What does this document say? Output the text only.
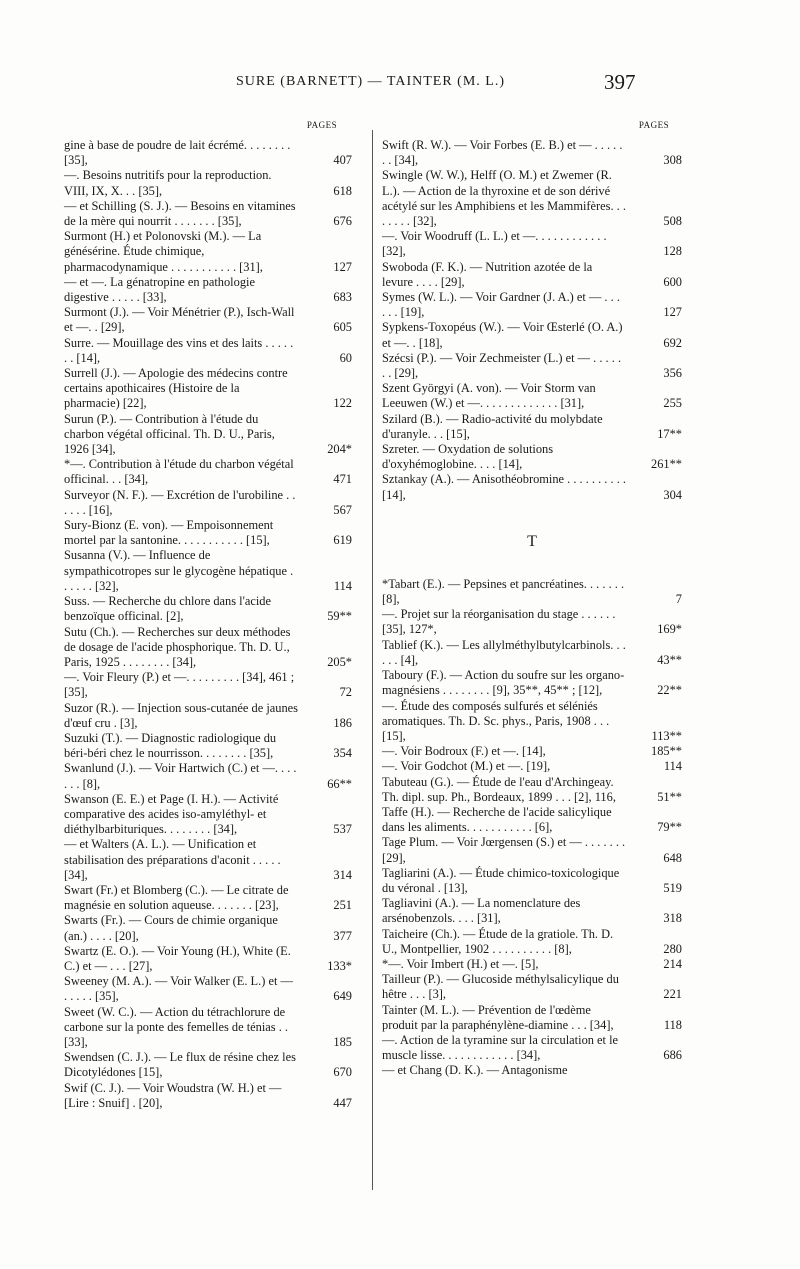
SURE (BARNETT) — TAINTER (M. L.)	397
PAGES
gine à base de poudre de lait écrémé. . . . . . . . [35],	407
—. Besoins nutritifs pour la reproduction. VIII, IX, X. . . [35],	618
— et Schilling (S. J.). — Besoins en vitamines de la mère qui nourrit . . . . . . . [35],	676
Surmont (H.) et Polonovski (M.). — La génésérine. Étude chimique, pharmacodynamique . . . . . . . . . . . [31],	127
— et —. La génatropine en pathologie digestive . . . . . [33],	683
Surmont (J.). — Voir Ménétrier (P.), Isch-Wall et —. . [29],	605
Surre. — Mouillage des vins et des laits . . . . . . . [14],	60
Surrell (J.). — Apologie des médecins contre certains apothicaires (Histoire de la pharmacie) [22],	122
Surun (P.). — Contribution à l'étude du charbon végétal officinal. Th. D. U., Paris, 1926 [34],	204*
*—. Contribution à l'étude du charbon végétal officinal. . . [34],	471
Surveyor (N. F.). — Excrétion de l'urobiline . . . . . . [16],	567
Sury-Bionz (E. von). — Empoisonnement mortel par la santonine. . . . . . . . . . . [15],	619
Susanna (V.). — Influence de sympathicotropes sur le glycogène hépatique . . . . . . [32],	114
Suss. — Recherche du chlore dans l'acide benzoïque officinal. [2],	59**
Sutu (Ch.). — Recherches sur deux méthodes de dosage de l'acide phosphorique. Th. D. U., Paris, 1925 . . . . . . . . [34],	205*
—. Voir Fleury (P.) et —. . . . . . . . . [34], 461 ; [35],	72
Suzor (R.). — Injection sous-cutanée de jaunes d'œuf cru . [3],	186
Suzuki (T.). — Diagnostic radiologique du béri-béri chez le nourrisson. . . . . . . . [35],	354
Swanlund (J.). — Voir Hartwich (C.) et —. . . . . . . [8],	66**
Swanson (E. E.) et Page (I. H.). — Activité comparative des acides iso-amyléthyl- et diéthylbarbituriques. . . . . . . . [34],	537
— et Walters (A. L.). — Unification et stabilisation des préparations d'aconit . . . . . [34],	314
Swart (Fr.) et Blomberg (C.). — Le citrate de magnésie en solution aqueuse. . . . . . . [23],	251
Swarts (Fr.). — Cours de chimie organique (an.) . . . . [20],	377
Swartz (E. O.). — Voir Young (H.), White (E. C.) et — . . . [27],	133*
Sweeney (M. A.). — Voir Walker (E. L.) et — . . . . . [35],	649
Sweet (W. C.). — Action du tétrachlorure de carbone sur la ponte des femelles de ténias . . [33],	185
Swendsen (C. J.). — Le flux de résine chez les Dicotylédones [15],	670
Swif (C. J.). — Voir Woudstra (W. H.) et — [Lire : Snuif] . [20],	447
PAGES
Swift (R. W.). — Voir Forbes (E. B.) et — . . . . . . . [34],	308
Swingle (W. W.), Helff (O. M.) et Zwemer (R. L.). — Action de la thyroxine et de son dérivé acétylé sur les Amphibiens et les Mammifères. . . . . . . . [32],	508
—. Voir Woodruff (L. L.) et —. . . . . . . . . . . . [32],	128
Swoboda (F. K.). — Nutrition azotée de la levure . . . . [29],	600
Symes (W. L.). — Voir Gardner (J. A.) et — . . . . . . [19],	127
Sypkens-Toxopéus (W.). — Voir Œsterlé (O. A.) et —. . [18],	692
Szécsi (P.). — Voir Zechmeister (L.) et — . . . . . . . [29],	356
Szent Györgyi (A. von). — Voir Storm van Leeuwen (W.) et —. . . . . . . . . . . . . [31],	255
Szilard (B.). — Radio-activité du molybdate d'uranyle. . . [15],	17**
Szreter. — Oxydation de solutions d'oxyhémoglobine. . . . [14],	261**
Sztankay (A.). — Anisothéobromine . . . . . . . . . . [14],	304
T
*Tabart (E.). — Pepsines et pancréatines. . . . . . . [8],	7
—. Projet sur la réorganisation du stage . . . . . . [35], 127*,	169*
Tablief (K.). — Les allylméthylbutylcarbinols. . . . . . [4],	43**
Taboury (F.). — Action du soufre sur les organo-magnésiens . . . . . . . . [9], 35**, 45** ; [12],	22**
—. Étude des composés sulfurés et séléniés aromatiques. Th. D. Sc. phys., Paris, 1908 . . . [15],	113**
—. Voir Bodroux (F.) et —. [14],	185**
—. Voir Godchot (M.) et —. [19],	114
Tabuteau (G.). — Étude de l'eau d'Archingeay. Th. dipl. sup. Ph., Bordeaux, 1899 . . . [2], 116,	51**
Taffe (H.). — Recherche de l'acide salicylique dans les aliments. . . . . . . . . . . [6],	79**
Tage Plum. — Voir Jœrgensen (S.) et — . . . . . . . [29],	648
Tagliarini (A.). — Étude chimico-toxicologique du véronal . [13],	519
Tagliavini (A.). — La nomenclature des arsénobenzols. . . . [31],	318
Taicheire (Ch.). — Étude de la gratiole. Th. D. U., Montpellier, 1902 . . . . . . . . . . [8],	280
*—. Voir Imbert (H.) et —. [5],	214
Tailleur (P.). — Glucoside méthylsalicylique du hêtre . . . [3],	221
Tainter (M. L.). — Prévention de l'œdème produit par la paraphénylène-diamine . . . [34],	118
—. Action de la tyramine sur la circulation et le muscle lisse. . . . . . . . . . . . [34],	686
— et Chang (D. K.). — Antagonisme
